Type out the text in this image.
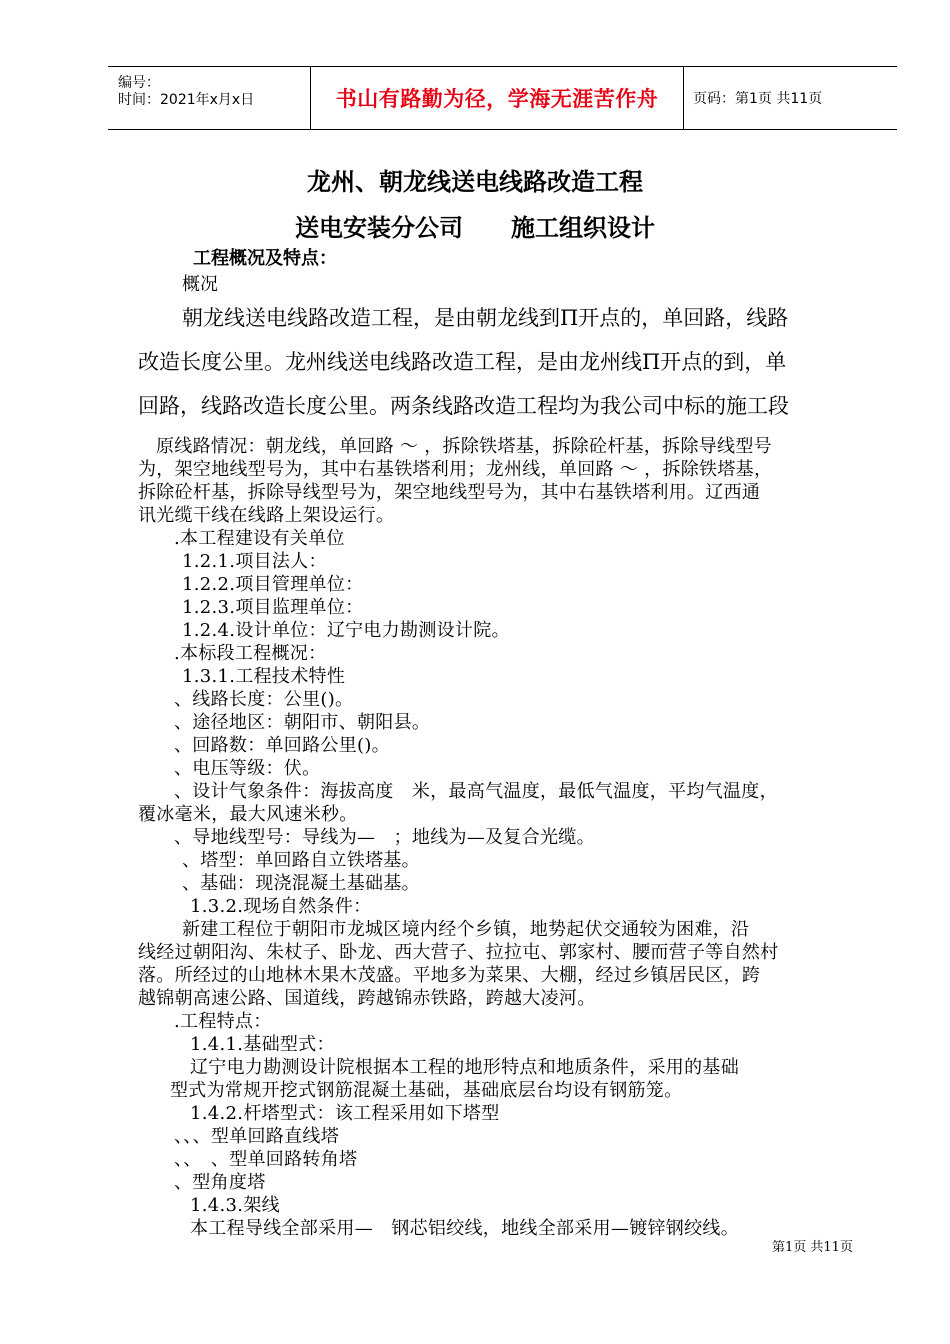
编号：
时间：2021年x月x日	书山有路勤为径，学海无涯苦作舟 页码：第1页 共11页
龙州、朝龙线送电线路改造工程
送电安装分公司　　施工组织设计
工程概况及特点：
概况
朝龙线送电线路改造工程，是由朝龙线到Π开点的，单回路，线路
改造长度公里。龙州线送电线路改造工程，是由龙州线Π开点的到，单
回路，线路改造长度公里。两条线路改造工程均为我公司中标的施工段
原线路情况：朝龙线，单回路 ～ ，拆除铁塔基，拆除砼杆基，拆除导线型号
为，架空地线型号为，其中右基铁塔利用；龙州线，单回路 ～ ，拆除铁塔基，
拆除砼杆基，拆除导线型号为，架空地线型号为，其中右基铁塔利用。辽西通
讯光缆干线在线路上架设运行。
.本工程建设有关单位
1.2.1.项目法人：
1.2.2.项目管理单位：
1.2.3.项目监理单位：
1.2.4.设计单位：辽宁电力勘测设计院。
.本标段工程概况：
1.3.1.工程技术特性
、线路长度：公里()。
、途径地区：朝阳市、朝阳县。
、回路数：单回路公里()。
、电压等级：伏。
、设计气象条件：海拔高度　米，最高气温度，最低气温度，平均气温度，
覆冰毫米，最大风速米秒。
、导地线型号：导线为—　；地线为—及复合光缆。
、塔型：单回路自立铁塔基。
、基础：现浇混凝土基础基。
1.3.2.现场自然条件：
新建工程位于朝阳市龙城区境内经个乡镇，地势起伏交通较为困难，沿
线经过朝阳沟、朱杖子、卧龙、西大营子、拉拉屯、郭家村、腰而营子等自然村
落。所经过的山地林木果木茂盛。平地多为菜果、大棚，经过乡镇居民区，跨
越锦朝高速公路、国道线，跨越锦赤铁路，跨越大凌河。
.工程特点：
1.4.1.基础型式：
辽宁电力勘测设计院根据本工程的地形特点和地质条件，采用的基础
型式为常规开挖式钢筋混凝土基础，基础底层台均设有钢筋笼。
1.4.2.杆塔型式：该工程采用如下塔型
、、、型单回路直线塔
、、　、型单回路转角塔
、型角度塔
1.4.3.架线
本工程导线全部采用—　钢芯铝绞线，地线全部采用—镀锌钢绞线。
第1页 共11页
